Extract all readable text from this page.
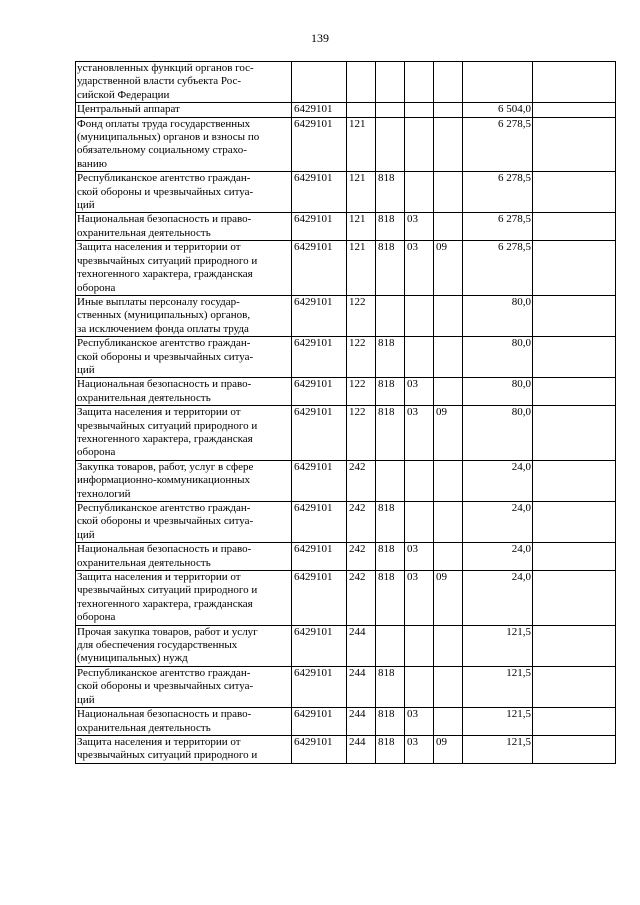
139
установленных функций органов гос-
ударственной власти субъекта Рос-
сийской Федерации							
Центральный аппарат	6429101					6 504,0	
Фонд оплаты труда государственных
(муниципальных) органов и взносы по
обязательному социальному страхо-
ванию	6429101	121				6 278,5	
Республиканское агентство граждан-
ской обороны и чрезвычайных ситуа-
ций	6429101	121	818			6 278,5	
Национальная безопасность и право-
охранительная деятельность	6429101	121	818	03		6 278,5	
Защита населения и территории от
чрезвычайных ситуаций природного и
техногенного характера, гражданская
оборона	6429101	121	818	03	09	6 278,5	
Иные выплаты персоналу государ-
ственных (муниципальных) органов,
за исключением фонда оплаты труда	6429101	122				80,0	
Республиканское агентство граждан-
ской обороны и чрезвычайных ситуа-
ций	6429101	122	818			80,0	
Национальная безопасность и право-
охранительная деятельность	6429101	122	818	03		80,0	
Защита населения и территории от
чрезвычайных ситуаций природного и
техногенного характера, гражданская
оборона	6429101	122	818	03	09	80,0	
Закупка товаров, работ, услуг в сфере
информационно-коммуникационных
технологий	6429101	242				24,0	
Республиканское агентство граждан-
ской обороны и чрезвычайных ситуа-
ций	6429101	242	818			24,0	
Национальная безопасность и право-
охранительная деятельность	6429101	242	818	03		24,0	
Защита населения и территории от
чрезвычайных ситуаций природного и
техногенного характера, гражданская
оборона	6429101	242	818	03	09	24,0	
Прочая закупка товаров, работ и услуг
для обеспечения государственных
(муниципальных) нужд	6429101	244				121,5	
Республиканское агентство граждан-
ской обороны и чрезвычайных ситуа-
ций	6429101	244	818			121,5	
Национальная безопасность и право-
охранительная деятельность	6429101	244	818	03		121,5	
Защита населения и территории от
чрезвычайных ситуаций природного и	6429101	244	818	03	09	121,5	
